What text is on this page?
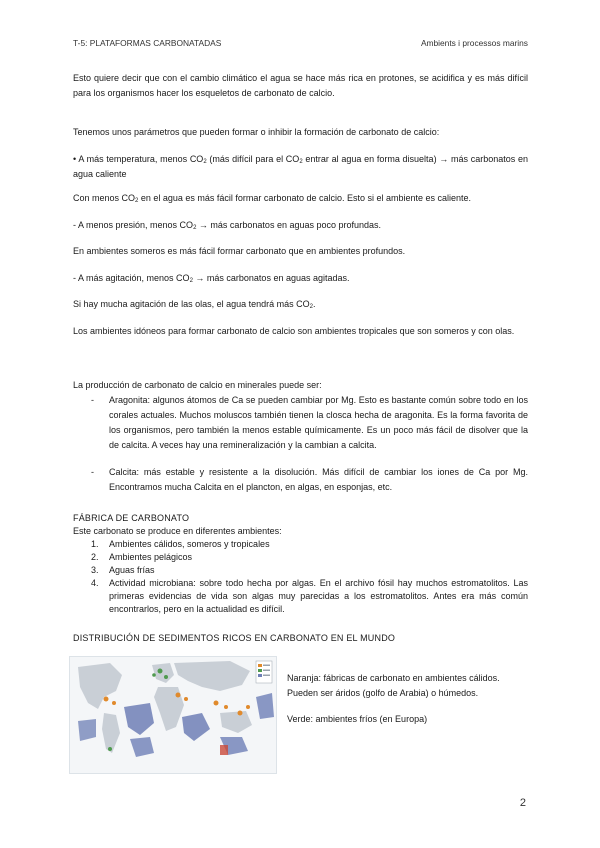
T-5: PLATAFORMAS CARBONATADAS	Ambients i processos marins

Esto quiere decir que con el cambio climático el agua se hace más rica en protones, se acidifica y es más difícil para los organismos hacer los esqueletos de carbonato de calcio.

Tenemos unos parámetros que pueden formar o inhibir la formación de carbonato de calcio:

• A más temperatura, menos $CO_2$ (más difícil para el $CO_2$ entrar al agua en forma disuelta) → más carbonatos en agua caliente

Con menos $CO_2$ en el agua es más fácil formar carbonato de calcio. Esto si el ambiente es caliente.

- A menos presión, menos $CO_2$ → más carbonatos en aguas poco profundas.

En ambientes someros es más fácil formar carbonato que en ambientes profundos.

- A más agitación, menos $CO_2$ → más carbonatos en aguas agitadas.

Si hay mucha agitación de las olas, el agua tendrá más $CO_2$.

Los ambientes idóneos para formar carbonato de calcio son ambientes tropicales que son someros y con olas.

La producción de carbonato de calcio en minerales puede ser:

- Aragonita: algunos átomos de Ca se pueden cambiar por Mg. Esto es bastante común sobre todo en los corales actuales. Muchos moluscos también tienen la closca hecha de aragonita. Es la forma favorita de los organismos, pero también la menos estable químicamente. Es un poco más fácil de disolver que la de calcita. A veces hay una remineralización y la cambian a calcita.
- Calcita: más estable y resistente a la disolución. Más difícil de cambiar los iones de Ca por Mg. Encontramos mucha Calcita en el plancton, en algas, en esponjas, etc.

FÁBRICA DE CARBONATO

Este carbonato se produce en diferentes ambientes:

1. Ambientes cálidos, someros y tropicales
2. Ambientes pelágicos
3. Aguas frías
4. Actividad microbiana: sobre todo hecha por algas. En el archivo fósil hay muchos estromatolitos. Las primeras evidencias de vida son algas muy parecidas a los estromatolitos. Antes era más común encontrarlos, pero en la actualidad es difícil.

DISTRIBUCIÓN DE SEDIMENTOS RICOS EN CARBONATO EN EL MUNDO

Naranja: fábricas de carbonato en ambientes cálidos. Pueden ser áridos (golfo de Arabia) o húmedos.

Verde: ambientes fríos (en Europa)

2
